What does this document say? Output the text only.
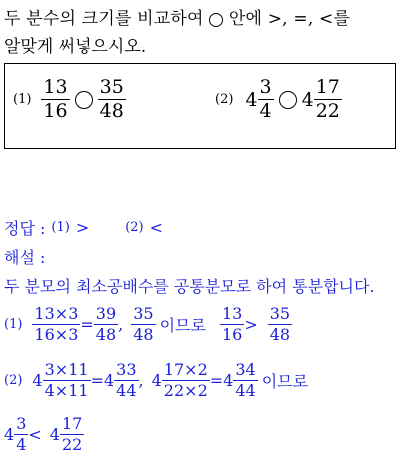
두 분수의 크기를 비교하여 안에 >, =, <를
알맞게 써넣으시오.
$(1) \frac{13}{16} \frac{35}{48}$	(2) $4 \frac{3}{4} 4 \frac{17}{22}$
정답 : (1) >	(2) <
해설 :
두 분모의 최소공배수를 공통분모로 하여 통분합니다.
$(1) \frac{13\times 3}{16\times 3} = \frac{39}{48}$ , $\frac{35}{48}$ 이므로 $\frac{13}{16} > \frac{35}{48}$
(2) $4 \frac{3\times 11}{4\times 11} = 4 \frac{33}{44}$ , $4 \frac{17\times 2}{22\times 2} = 4 \frac{34}{44}$ 이므로
$4 \frac{3}{4} < 4 \frac{17}{22}$
